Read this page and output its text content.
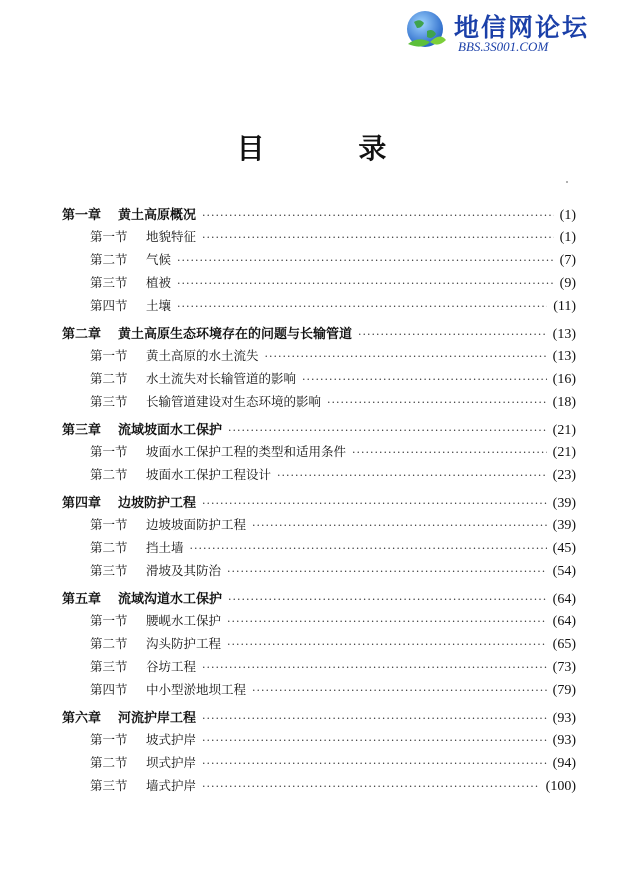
地信网论坛
BBS.3S001.COM
目 录
第一章	黄土高原概况 ·····	(1)
第一节	地貌特征 ·····	(1)
第二节	气候 ·····	(7)
第三节	植被 ·····	(9)
第四节	土壤 ·····	(11)
第二章	黄土高原生态环境存在的问题与长输管道 ·····	(13)
第一节	黄土高原的水土流失 ·····	(13)
第二节	水土流失对长输管道的影响 ·····	(16)
第三节	长输管道建设对生态环境的影响 ·····	(18)
第三章	流域坡面水工保护 ·····	(21)
第一节	坡面水工保护工程的类型和适用条件 ·····	(21)
第二节	坡面水工保护工程设计 ·····	(23)
第四章	边坡防护工程 ·····	(39)
第一节	边坡坡面防护工程 ·····	(39)
第二节	挡土墙 ·····	(45)
第三节	滑坡及其防治 ·····	(54)
第五章	流域沟道水工保护 ·····	(64)
第一节	腰岘水工保护 ·····	(64)
第二节	沟头防护工程 ·····	(65)
第三节	谷坊工程 ·····	(73)
第四节	中小型淤地坝工程 ·····	(79)
第六章	河流护岸工程 ·····	(93)
第一节	坡式护岸 ·····	(93)
第二节	坝式护岸 ·····	(94)
第三节	墙式护岸 ·····	(100)
